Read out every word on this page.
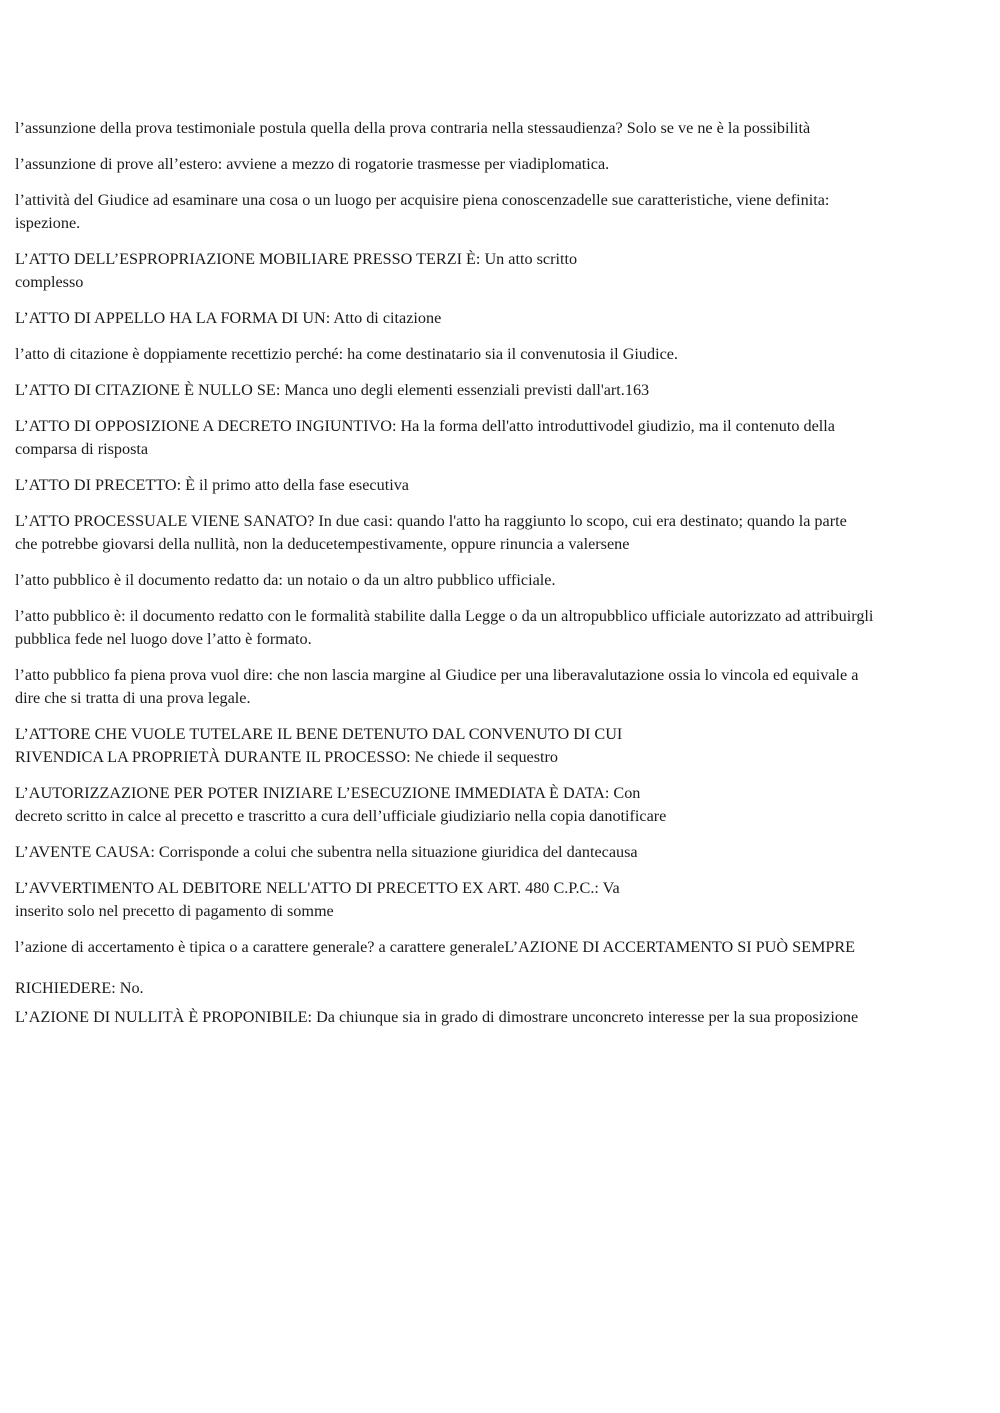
l’assunzione della prova testimoniale postula quella della prova contraria nella stessaudienza? Solo se ve ne è la possibilità

l’assunzione di prove all’estero: avviene a mezzo di rogatorie trasmesse per viadiplomatica.

l’attività del Giudice ad esaminare una cosa o un luogo per acquisire piena conoscenzadelle sue caratteristiche, viene definita:
ispezione.

L’ATTO DELL’ESPROPRIAZIONE MOBILIARE PRESSO TERZI È: Un atto scritto
complesso

L’ATTO DI APPELLO HA LA FORMA DI UN: Atto di citazione

l’atto di citazione è doppiamente recettizio perché: ha come destinatario sia il convenutosia il Giudice.

L’ATTO DI CITAZIONE È NULLO SE: Manca uno degli elementi essenziali previsti dall'art.163

L’ATTO DI OPPOSIZIONE A DECRETO INGIUNTIVO: Ha la forma dell'atto introduttivodel giudizio, ma il contenuto della
comparsa di risposta

L’ATTO DI PRECETTO: È il primo atto della fase esecutiva

L’ATTO PROCESSUALE VIENE SANATO? In due casi: quando l'atto ha raggiunto lo scopo, cui era destinato; quando la parte
che potrebbe giovarsi della nullità, non la deducetempestivamente, oppure rinuncia a valersene

l’atto pubblico è il documento redatto da: un notaio o da un altro pubblico ufficiale.

l’atto pubblico è: il documento redatto con le formalità stabilite dalla Legge o da un altropubblico ufficiale autorizzato ad attribuirgli
pubblica fede nel luogo dove l’atto è formato.

l’atto pubblico fa piena prova vuol dire: che non lascia margine al Giudice per una liberavalutazione ossia lo vincola ed equivale a
dire che si tratta di una prova legale.

L’ATTORE CHE VUOLE TUTELARE IL BENE DETENUTO DAL CONVENUTO DI CUI
RIVENDICA LA PROPRIETÀ DURANTE IL PROCESSO: Ne chiede il sequestro

L’AUTORIZZAZIONE PER POTER INIZIARE L’ESECUZIONE IMMEDIATA È DATA: Con
decreto scritto in calce al precetto e trascritto a cura dell’ufficiale giudiziario nella copia danotificare

L’AVENTE CAUSA: Corrisponde a colui che subentra nella situazione giuridica del dantecausa

L’AVVERTIMENTO AL DEBITORE NELL'ATTO DI PRECETTO EX ART. 480 C.P.C.: Va
inserito solo nel precetto di pagamento di somme

l’azione di accertamento è tipica o a carattere generale? a carattere generaleL’AZIONE DI ACCERTAMENTO SI PUÒ SEMPRE

RICHIEDERE: No.

L’AZIONE DI NULLITÀ È PROPONIBILE: Da chiunque sia in grado di dimostrare unconcreto interesse per la sua proposizione
